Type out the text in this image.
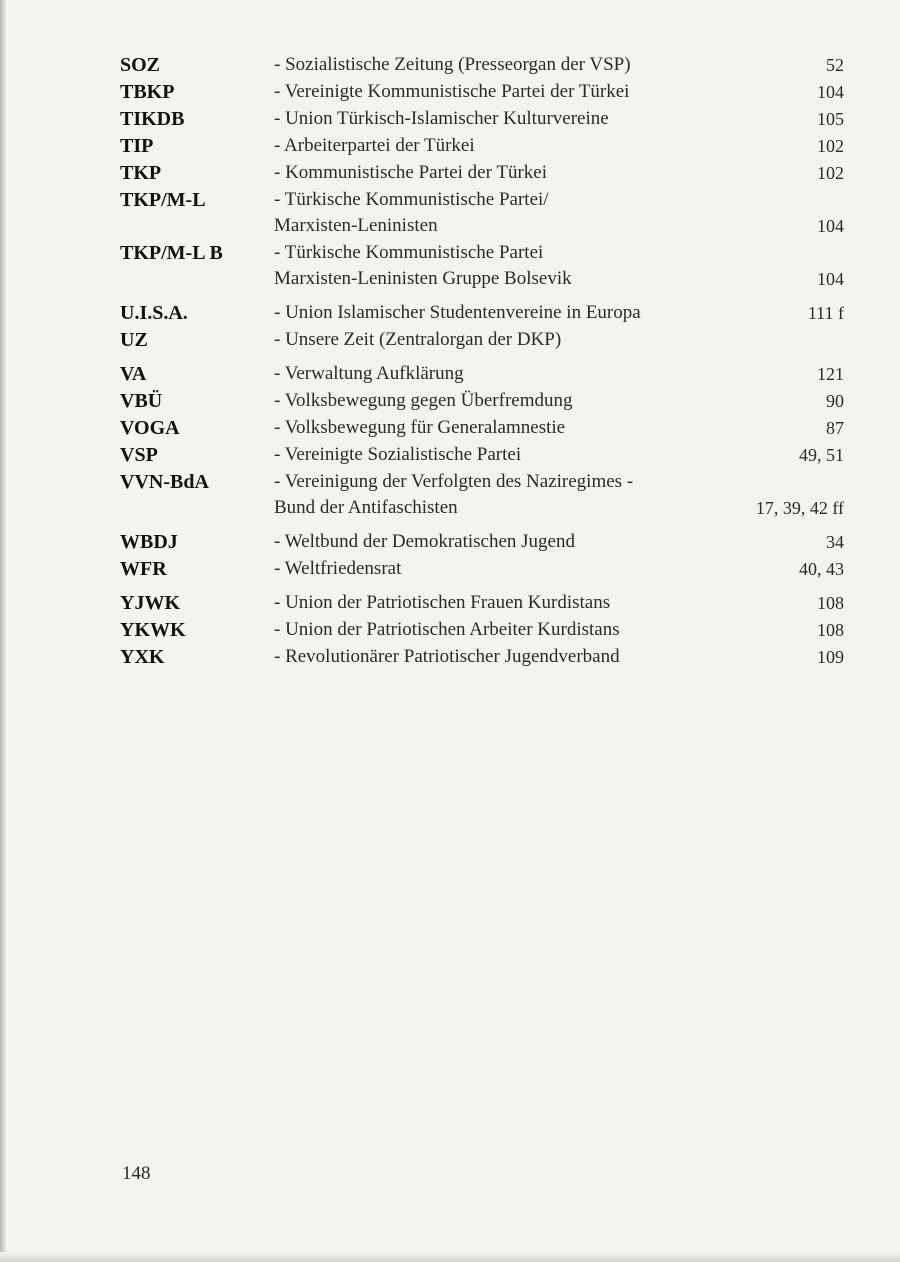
SOZ	- Sozialistische Zeitung (Presseorgan der VSP)	52
TBKP	- Vereinigte Kommunistische Partei der Türkei	104
TIKDB	- Union Türkisch-Islamischer Kulturvereine	105
TIP	- Arbeiterpartei der Türkei	102
TKP	- Kommunistische Partei der Türkei	102
TKP/M-L	- Türkische Kommunistische Partei/
Marxisten-Leninisten	104
TKP/M-L B	- Türkische Kommunistische Partei
Marxisten-Leninisten Gruppe Bolsevik	104
U.I.S.A.	- Union Islamischer Studentenvereine in Europa	111 f
UZ	- Unsere Zeit (Zentralorgan der DKP)
VA	- Verwaltung Aufklärung	121
VBÜ	- Volksbewegung gegen Überfremdung	90
VOGA	- Volksbewegung für Generalamnestie	87
VSP	- Vereinigte Sozialistische Partei	49, 51
VVN-BdA	- Vereinigung der Verfolgten des Naziregimes -
Bund der Antifaschisten	17, 39, 42 ff
WBDJ	- Weltbund der Demokratischen Jugend	34
WFR	- Weltfriedensrat	40, 43
YJWK	- Union der Patriotischen Frauen Kurdistans	108
YKWK	- Union der Patriotischen Arbeiter Kurdistans	108
YXK	- Revolutionärer Patriotischer Jugendverband	109
148
